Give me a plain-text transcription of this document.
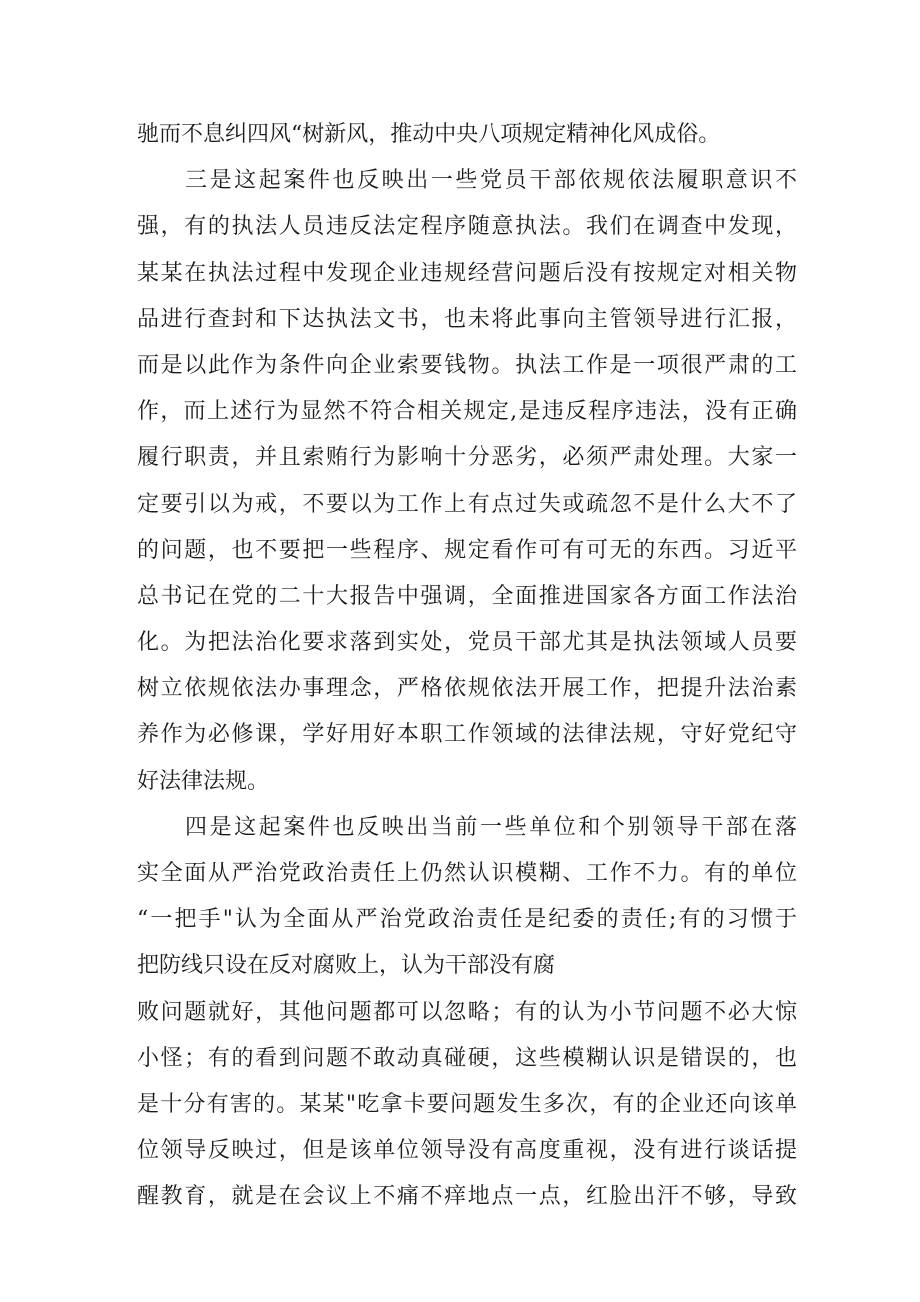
驰而不息纠四风“树新风，推动中央八项规定精神化风成俗。
三是这起案件也反映出一些党员干部依规依法履职意识不
强，有的执法人员违反法定程序随意执法。我们在调查中发现，
某某在执法过程中发现企业违规经营问题后没有按规定对相关物
品进行查封和下达执法文书，也未将此事向主管领导进行汇报，
而是以此作为条件向企业索要钱物。执法工作是一项很严肃的工
作，而上述行为显然不符合相关规定,是违反程序违法，没有正确
履行职责，并且索贿行为影响十分恶劣，必须严肃处理。大家一
定要引以为戒，不要以为工作上有点过失或疏忽不是什么大不了
的问题，也不要把一些程序、规定看作可有可无的东西。习近平
总书记在党的二十大报告中强调，全面推进国家各方面工作法治
化。为把法治化要求落到实处，党员干部尤其是执法领域人员要
树立依规依法办事理念，严格依规依法开展工作，把提升法治素
养作为必修课，学好用好本职工作领域的法律法规，守好党纪守
好法律法规。
四是这起案件也反映出当前一些单位和个别领导干部在落
实全面从严治党政治责任上仍然认识模糊、工作不力。有的单位
“一把手"认为全面从严治党政治责任是纪委的责任;有的习惯于
把防线只设在反对腐败上，认为干部没有腐
败问题就好，其他问题都可以忽略；有的认为小节问题不必大惊
小怪；有的看到问题不敢动真碰硬，这些模糊认识是错误的，也
是十分有害的。某某"吃拿卡要问题发生多次，有的企业还向该单
位领导反映过，但是该单位领导没有高度重视，没有进行谈话提
醒教育，就是在会议上不痛不痒地点一点，红脸出汗不够，导致
